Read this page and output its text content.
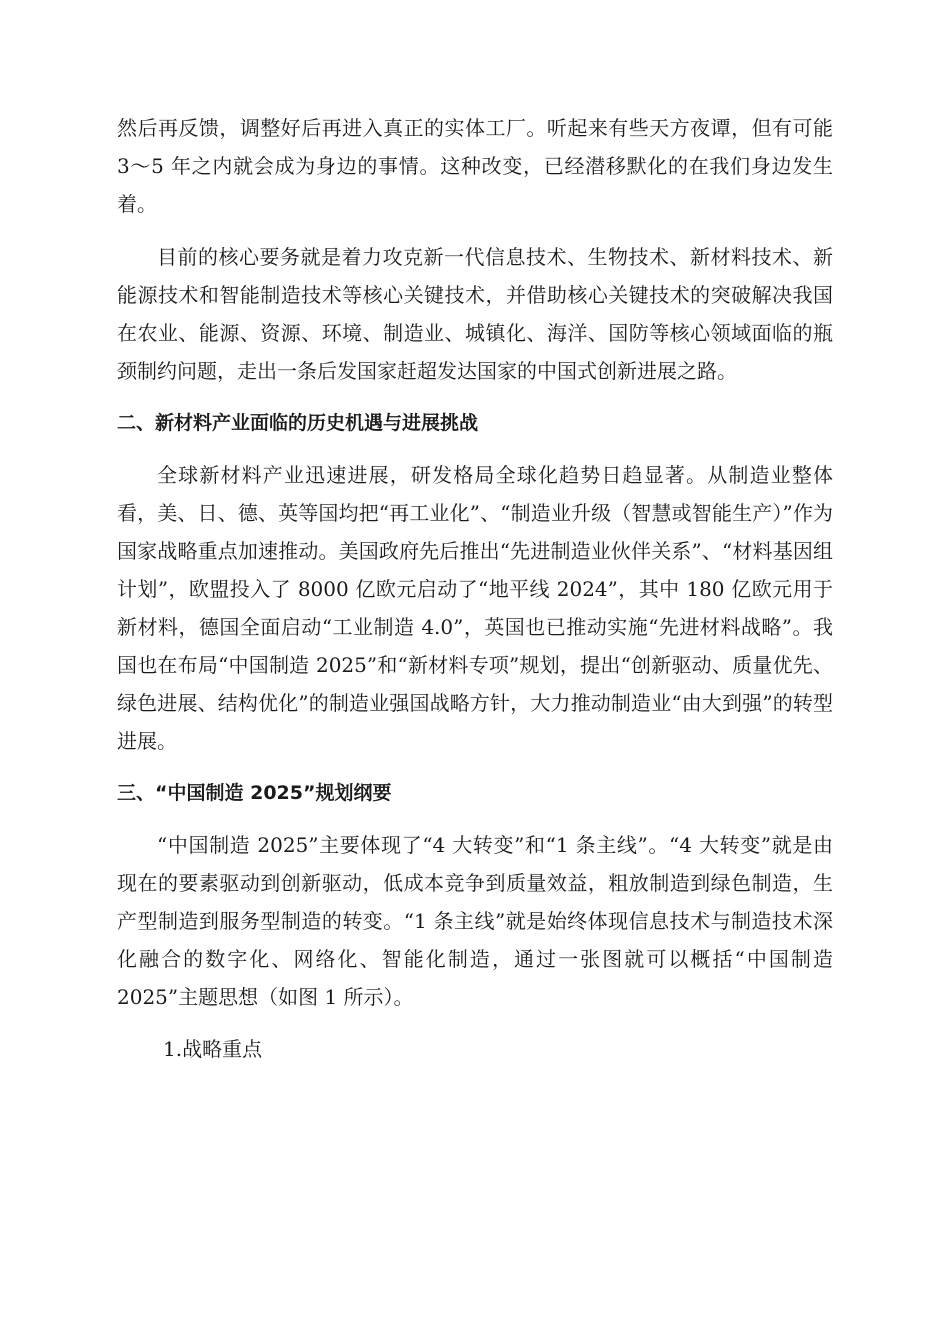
然后再反馈，调整好后再进入真正的实体工厂。听起来有些天方夜谭，但有可能 3～5 年之内就会成为身边的事情。这种改变，已经潜移默化的在我们身边发生着。

目前的核心要务就是着力攻克新一代信息技术、生物技术、新材料技术、新能源技术和智能制造技术等核心关键技术，并借助核心关键技术的突破解决我国在农业、能源、资源、环境、制造业、城镇化、海洋、国防等核心领域面临的瓶颈制约问题，走出一条后发国家赶超发达国家的中国式创新进展之路。

二、新材料产业面临的历史机遇与进展挑战

全球新材料产业迅速进展，研发格局全球化趋势日趋显著。从制造业整体看，美、日、德、英等国均把“再工业化”、“制造业升级（智慧或智能生产）”作为国家战略重点加速推动。美国政府先后推出“先进制造业伙伴关系”、“材料基因组计划”，欧盟投入了 8000 亿欧元启动了“地平线 2024”，其中 180 亿欧元用于新材料，德国全面启动“工业制造 4.0”，英国也已推动实施“先进材料战略”。我国也在布局“中国制造 2025”和“新材料专项”规划，提出“创新驱动、质量优先、绿色进展、结构优化”的制造业强国战略方针，大力推动制造业“由大到强”的转型进展。

三、“中国制造 2025”规划纲要

“中国制造 2025”主要体现了“4 大转变”和“1 条主线”。“4 大转变”就是由现在的要素驱动到创新驱动，低成本竞争到质量效益，粗放制造到绿色制造，生产型制造到服务型制造的转变。“1 条主线”就是始终体现信息技术与制造技术深化融合的数字化、网络化、智能化制造，通过一张图就可以概括“中国制造 2025”主题思想（如图 1 所示）。

1.战略重点
